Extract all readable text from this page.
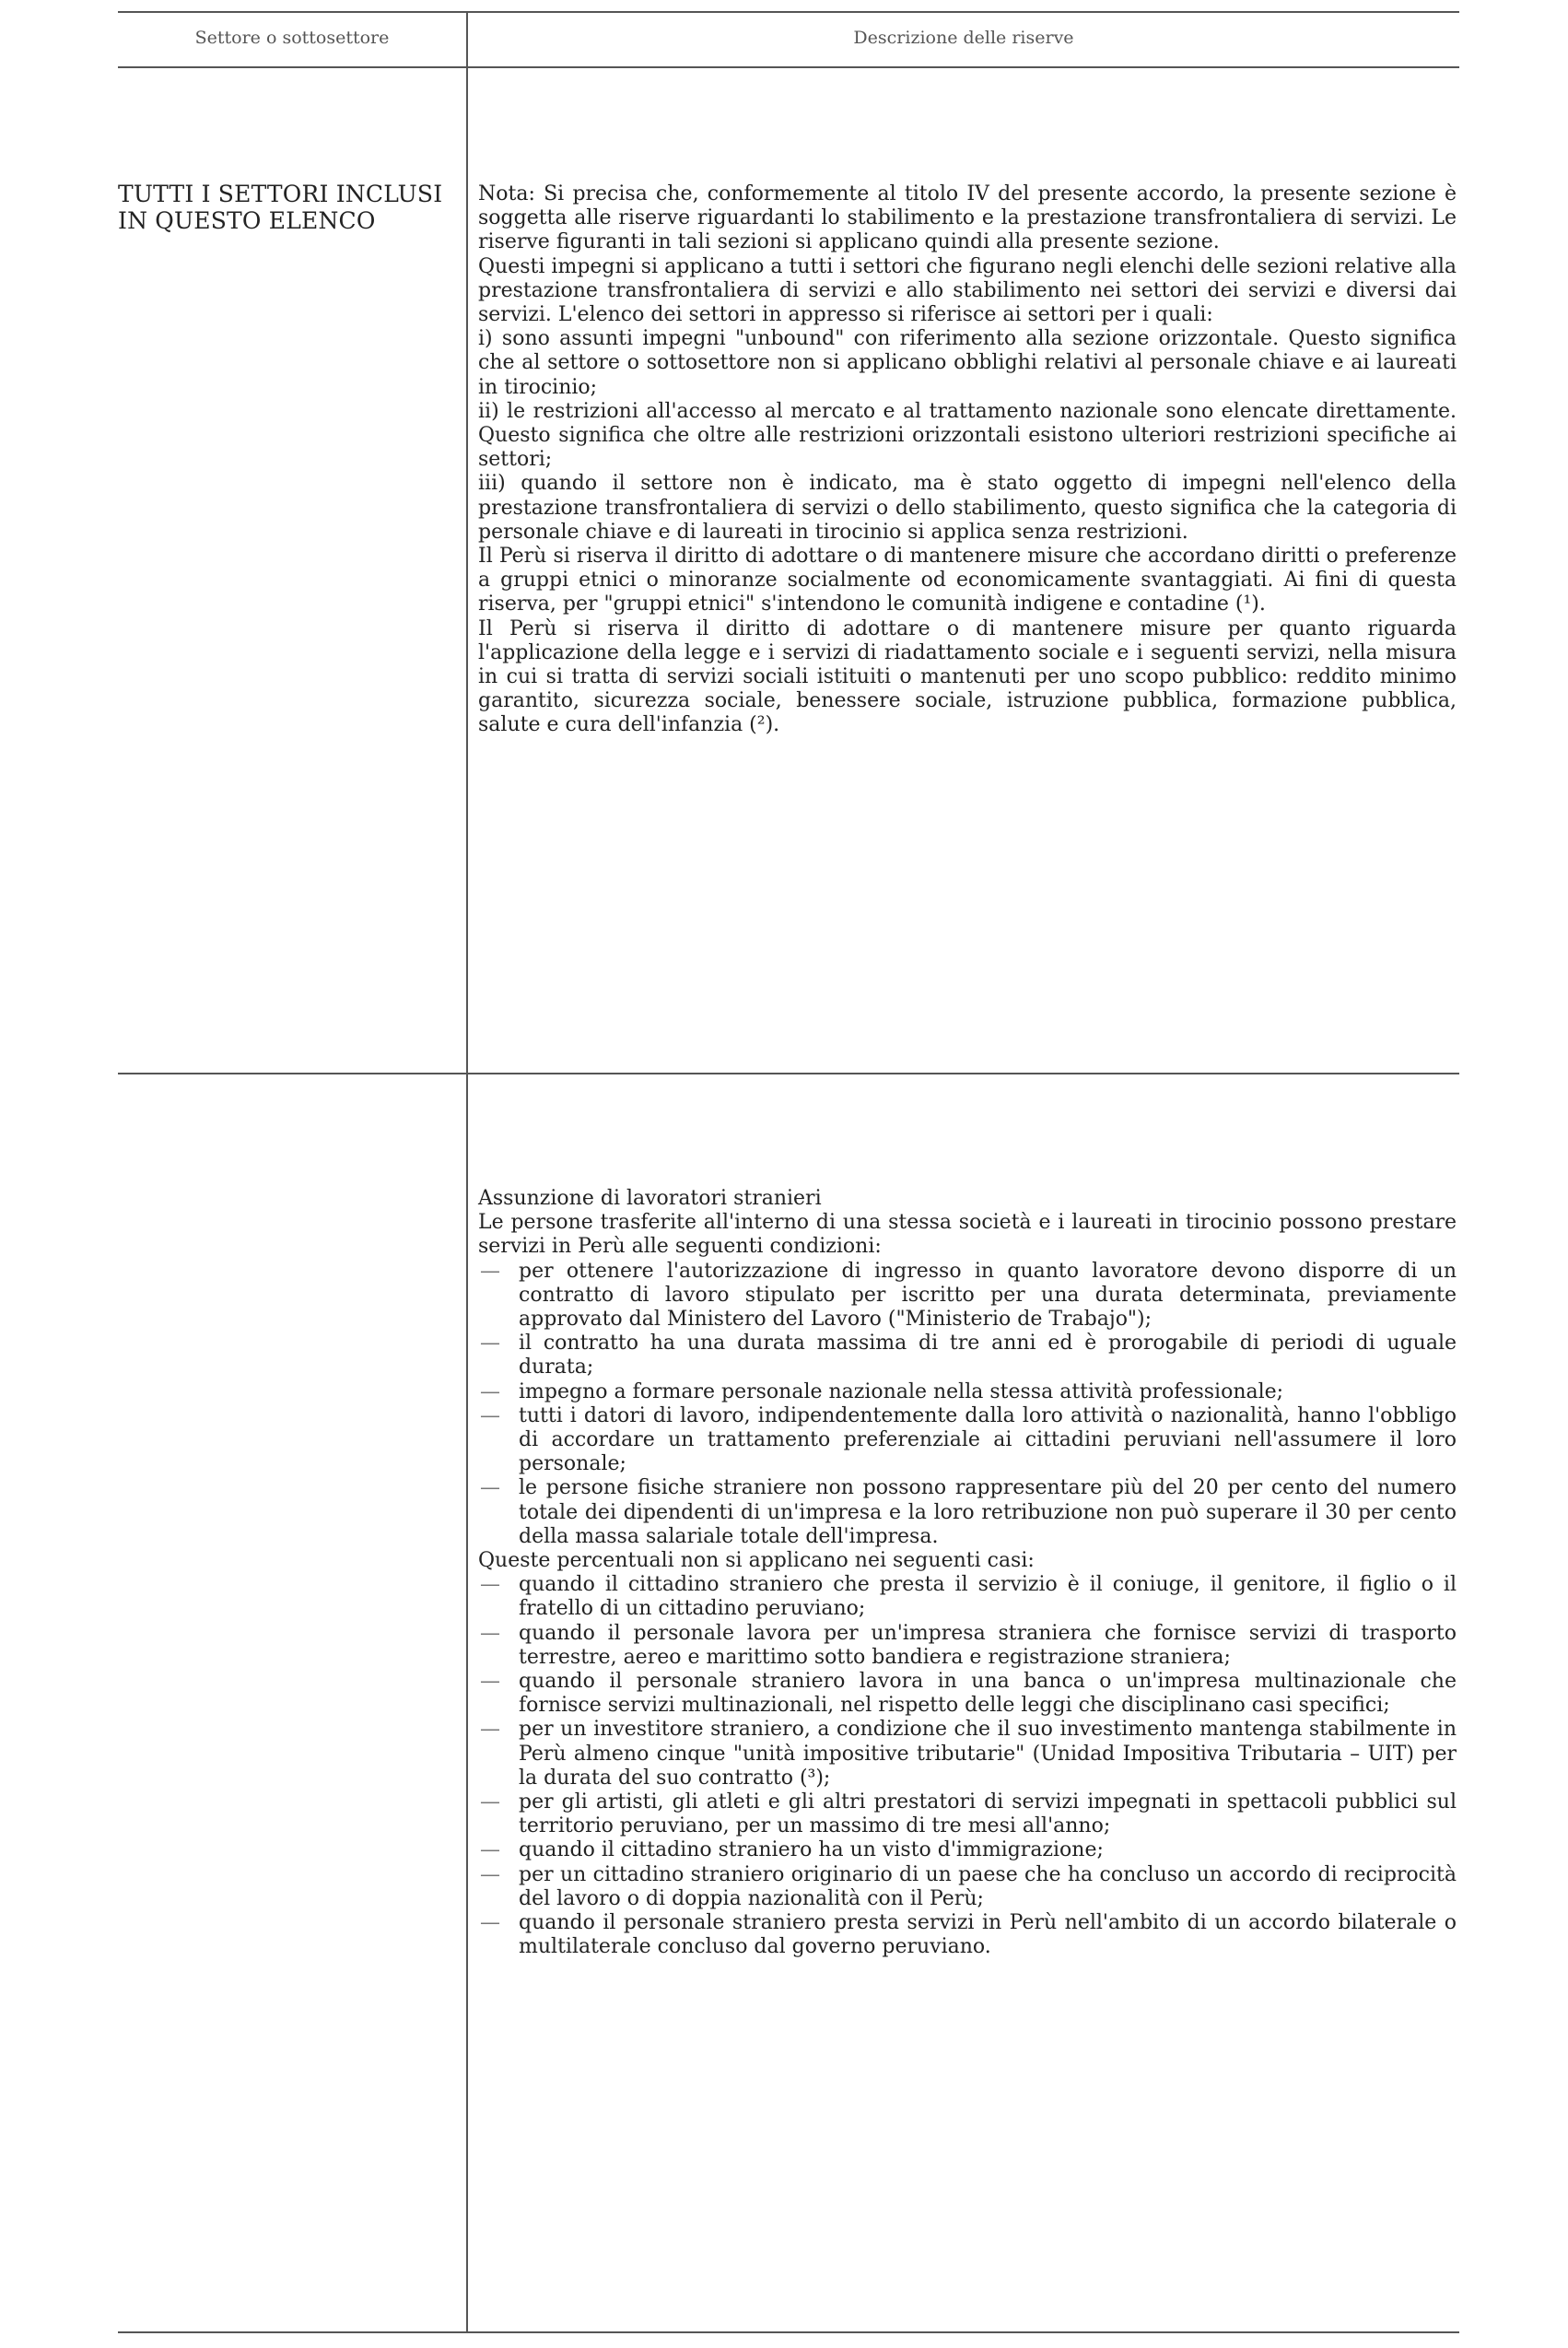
Settore o sottosettore	Descrizione delle riserve
TUTTI I SETTORI INCLUSI IN QUESTO ELENCO

Nota: Si precisa che, conformemente al titolo IV del presente accordo, la presente sezione è soggetta alle riserve riguardanti lo stabilimento e la prestazione transfrontaliera di servizi. Le riserve figuranti in tali sezioni si applicano quindi alla presente sezione.

Questi impegni si applicano a tutti i settori che figurano negli elenchi delle sezioni relative alla prestazione transfrontaliera di servizi e allo stabilimento nei settori dei servizi e diversi dai servizi. L'elenco dei settori in appresso si riferisce ai settori per i quali:

i) sono assunti impegni "unbound" con riferimento alla sezione orizzontale. Questo significa che al settore o sottosettore non si applicano obblighi relativi al personale chiave e ai laureati in tirocinio;

ii) le restrizioni all'accesso al mercato e al trattamento nazionale sono elencate direttamente. Questo significa che oltre alle restrizioni orizzontali esistono ulteriori restrizioni specifiche ai settori;

iii) quando il settore non è indicato, ma è stato oggetto di impegni nell'elenco della prestazione transfrontaliera di servizi o dello stabilimento, questo significa che la categoria di personale chiave e di laureati in tirocinio si applica senza restrizioni.

Il Perù si riserva il diritto di adottare o di mantenere misure che accordano diritti o preferenze a gruppi etnici o minoranze socialmente od economicamente svantaggiati. Ai fini di questa riserva, per "gruppi etnici" s'intendono le comunità indigene e contadine (¹).

Il Perù si riserva il diritto di adottare o di mantenere misure per quanto riguarda l'applicazione della legge e i servizi di riadattamento sociale e i seguenti servizi, nella misura in cui si tratta di servizi sociali istituiti o mantenuti per uno scopo pubblico: reddito minimo garantito, sicurezza sociale, benessere sociale, istruzione pubblica, formazione pubblica, salute e cura dell'infanzia (²).

Assunzione di lavoratori stranieri

Le persone trasferite all'interno di una stessa società e i laureati in tirocinio possono prestare servizi in Perù alle seguenti condizioni:

— per ottenere l'autorizzazione di ingresso in quanto lavoratore devono disporre di un contratto di lavoro stipulato per iscritto per una durata determinata, previamente approvato dal Ministero del Lavoro ("Ministerio de Trabajo");
— il contratto ha una durata massima di tre anni ed è prorogabile di periodi di uguale durata;
— impegno a formare personale nazionale nella stessa attività professionale;
— tutti i datori di lavoro, indipendentemente dalla loro attività o nazionalità, hanno l'obbligo di accordare un trattamento preferenziale ai cittadini peruviani nell'assumere il loro personale;
— le persone fisiche straniere non possono rappresentare più del 20 per cento del numero totale dei dipendenti di un'impresa e la loro retribuzione non può superare il 30 per cento della massa salariale totale dell'impresa.

Queste percentuali non si applicano nei seguenti casi:

— quando il cittadino straniero che presta il servizio è il coniuge, il genitore, il figlio o il fratello di un cittadino peruviano;
— quando il personale lavora per un'impresa straniera che fornisce servizi di trasporto terrestre, aereo e marittimo sotto bandiera e registrazione straniera;
— quando il personale straniero lavora in una banca o un'impresa multinazionale che fornisce servizi multinazionali, nel rispetto delle leggi che disciplinano casi specifici;
— per un investitore straniero, a condizione che il suo investimento mantenga stabilmente in Perù almeno cinque "unità impositive tributarie" (Unidad Impositiva Tributaria – UIT) per la durata del suo contratto (³);
— per gli artisti, gli atleti e gli altri prestatori di servizi impegnati in spettacoli pubblici sul territorio peruviano, per un massimo di tre mesi all'anno;
— quando il cittadino straniero ha un visto d'immigrazione;
— per un cittadino straniero originario di un paese che ha concluso un accordo di reciprocità del lavoro o di doppia nazionalità con il Perù;
— quando il personale straniero presta servizi in Perù nell'ambito di un accordo bilaterale o multilaterale concluso dal governo peruviano.
